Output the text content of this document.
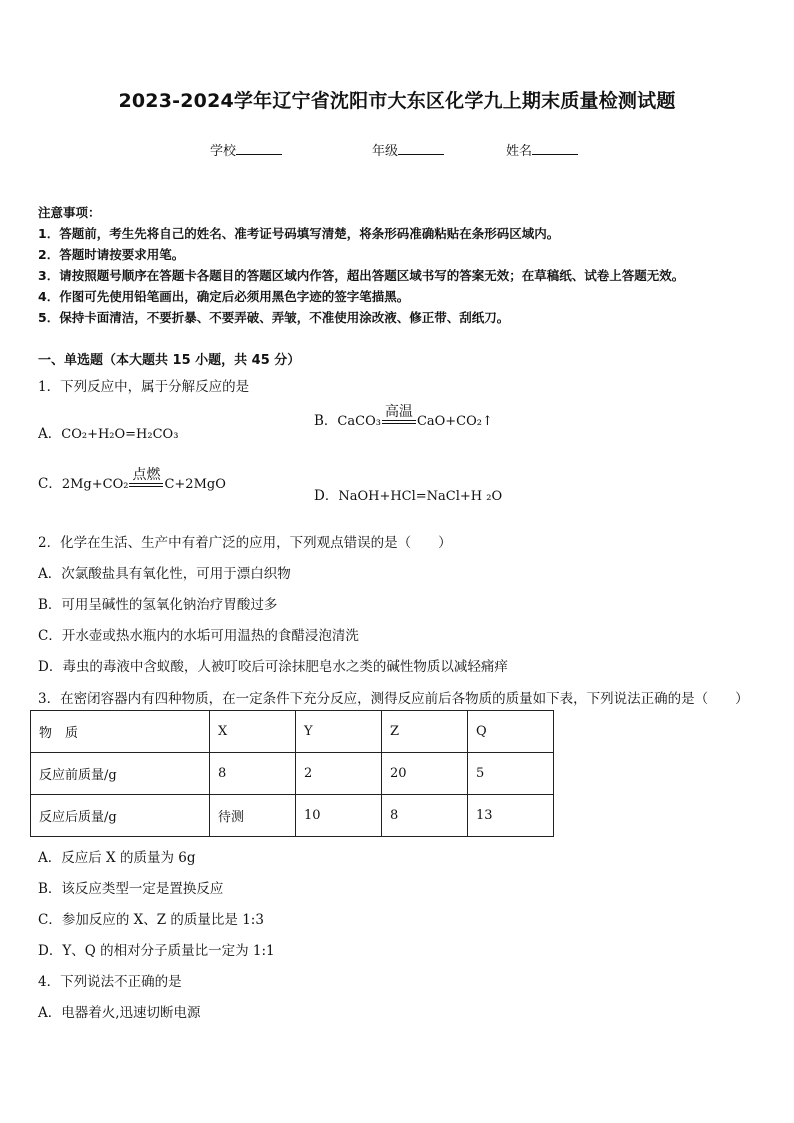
2023-2024学年辽宁省沈阳市大东区化学九上期末质量检测试题
学校	年级	姓名
注意事项：
1．答题前，考生先将自己的姓名、准考证号码填写清楚，将条形码准确粘贴在条形码区域内。
2．答题时请按要求用笔。
3．请按照题号顺序在答题卡各题目的答题区域内作答，超出答题区域书写的答案无效；在草稿纸、试卷上答题无效。
4．作图可先使用铅笔画出，确定后必须用黑色字迹的签字笔描黑。
5．保持卡面清洁，不要折暴、不要弄破、弄皱，不准使用涂改液、修正带、刮纸刀。
一、单选题（本大题共 15 小题，共 45 分）
1．下列反应中，属于分解反应的是
A．CO₂+H₂O=H₂CO₃
B．CaCO₃
高温
CaO+CO₂↑
C．2Mg+CO₂
点燃
C+2MgO
D．NaOH+HCl=NaCl+H ₂O
2．化学在生活、生产中有着广泛的应用，下列观点错误的是（　　）
A．次氯酸盐具有氧化性，可用于漂白织物
B．可用呈碱性的氢氧化钠治疗胃酸过多
C．开水壶或热水瓶内的水垢可用温热的食醋浸泡清洗
D．毒虫的毒液中含蚁酸，人被叮咬后可涂抹肥皂水之类的碱性物质以减轻痛痒
3．在密闭容器内有四种物质，在一定条件下充分反应，测得反应前后各物质的质量如下表，下列说法正确的是（　　）
物　质	X	Y	Z	Q
反应前质量/g	8	2	20	5
反应后质量/g	待测	10	8	13
A．反应后 X 的质量为 6g
B．该反应类型一定是置换反应
C．参加反应的 X、Z 的质量比是 1:3
D．Y、Q 的相对分子质量比一定为 1:1
4．下列说法不正确的是
A．电器着火,迅速切断电源
